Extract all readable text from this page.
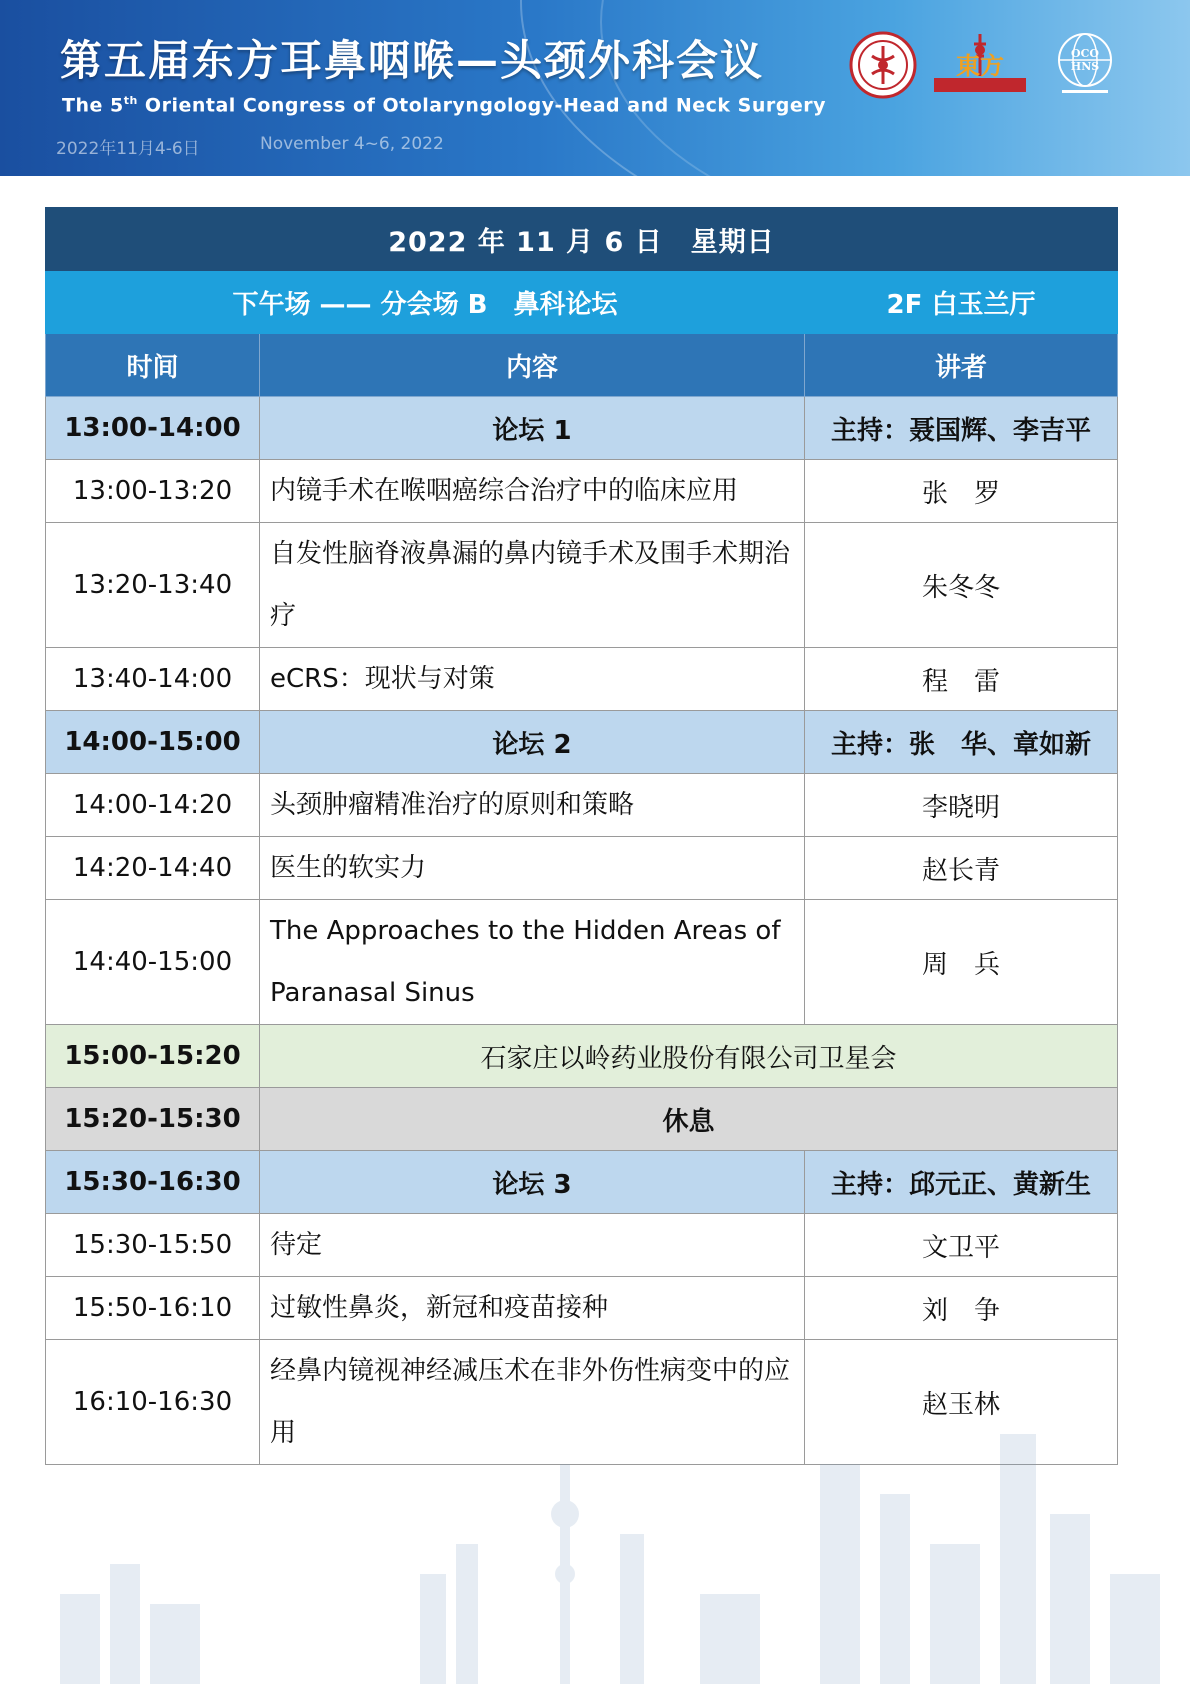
第五届东方耳鼻咽喉—头颈外科会议
The 5th Oriental Congress of Otolaryngology-Head and Neck Surgery
2022年11月4-6日	November 4~6, 2022
東方	OCO
HNS
2022 年 11 月 6 日　星期日		
下午场 —— 分会场 B　鼻科论坛		2F 白玉兰厅
时间	内容	讲者
13:00-14:00	论坛 1	主持：聂国辉、李吉平
13:00-13:20	内镜手术在喉咽癌综合治疗中的临床应用	张　罗
13:20-13:40	自发性脑脊液鼻漏的鼻内镜手术及围手术期治疗	朱冬冬
13:40-14:00	eCRS：现状与对策	程　雷
14:00-15:00	论坛 2	主持：张　华、章如新
14:00-14:20	头颈肿瘤精准治疗的原则和策略	李晓明
14:20-14:40	医生的软实力	赵长青
14:40-15:00	The Approaches to the Hidden Areas of Paranasal Sinus	周　兵
15:00-15:20	石家庄以岭药业股份有限公司卫星会	
15:20-15:30	休息	
15:30-16:30	论坛 3	主持：邱元正、黄新生
15:30-15:50	待定	文卫平
15:50-16:10	过敏性鼻炎，新冠和疫苗接种	刘　争
16:10-16:30	经鼻内镜视神经减压术在非外伤性病变中的应用	赵玉林
